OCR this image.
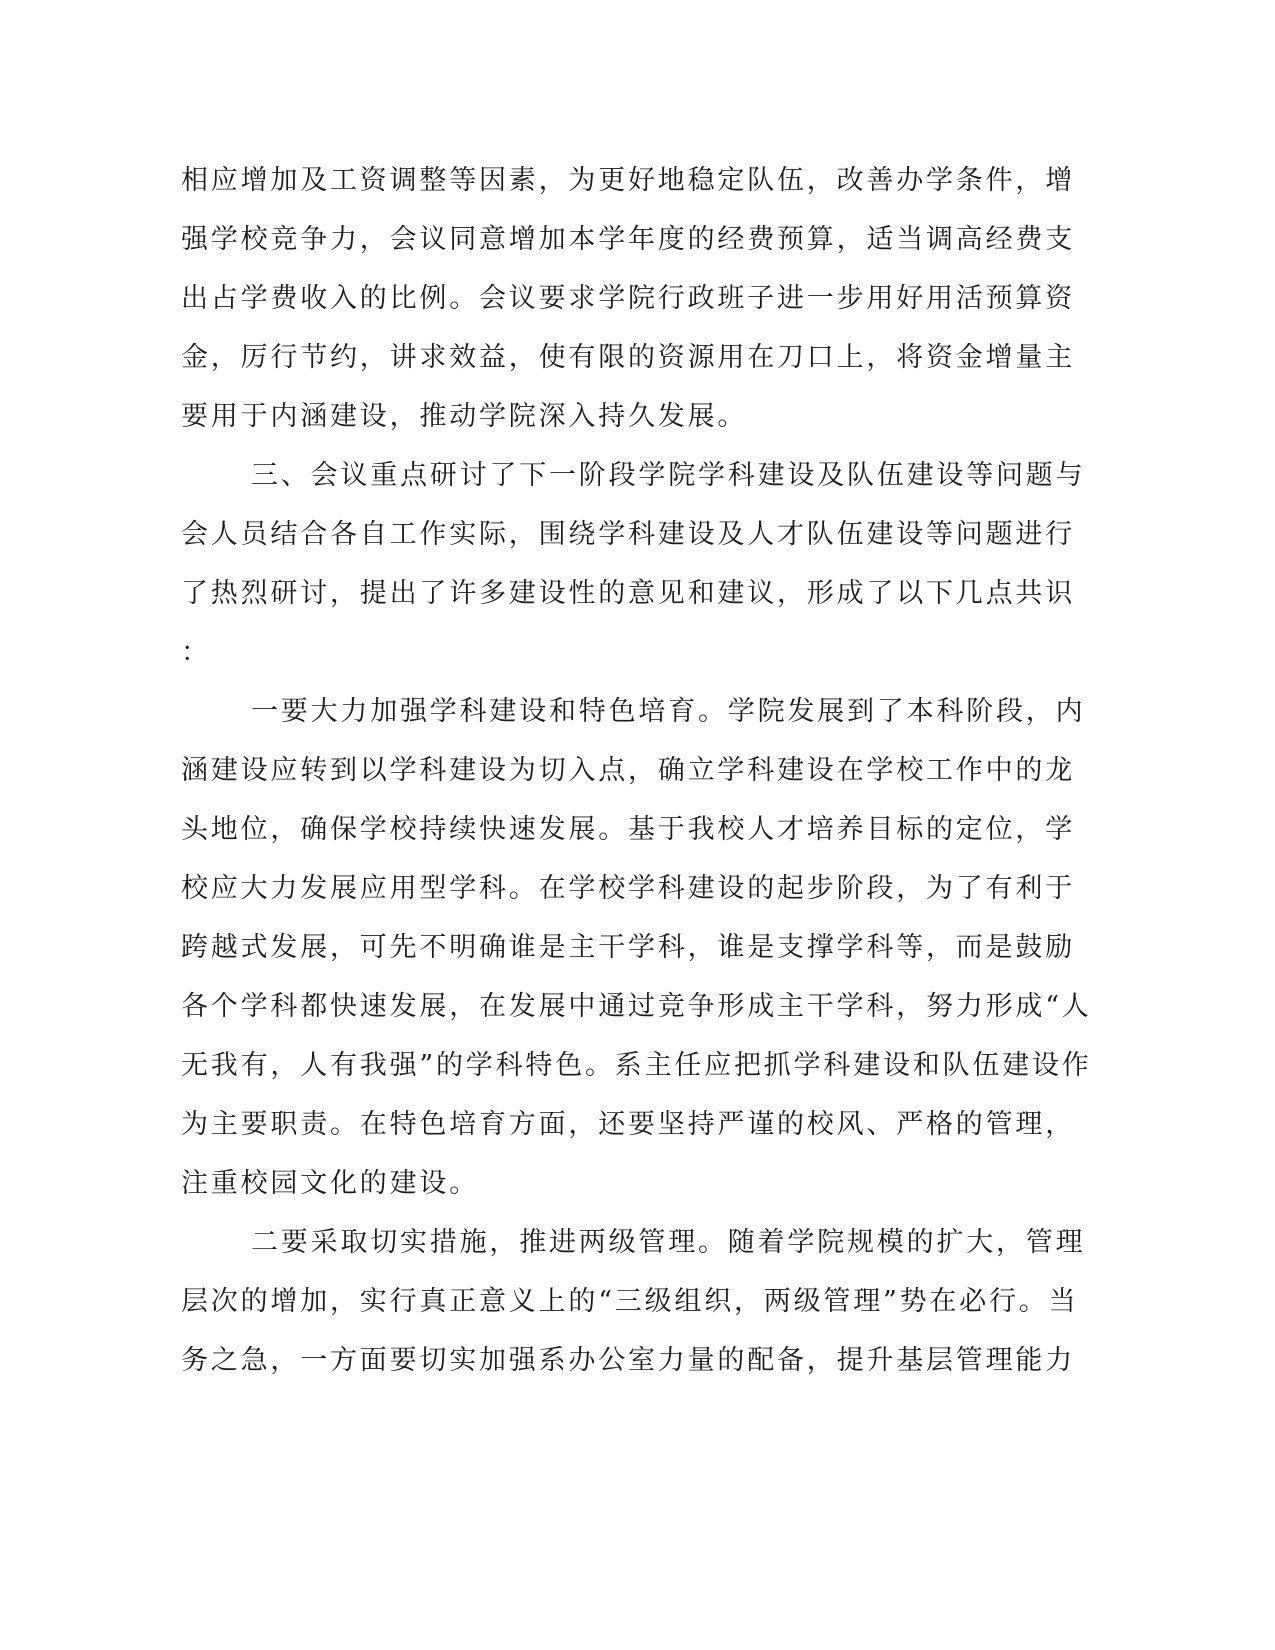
相应增加及工资调整等因素，为更好地稳定队伍，改善办学条件，增
强学校竞争力，会议同意增加本学年度的经费预算，适当调高经费支
出占学费收入的比例。会议要求学院行政班子进一步用好用活预算资
金，厉行节约，讲求效益，使有限的资源用在刀口上，将资金增量主
要用于内涵建设，推动学院深入持久发展。
三、会议重点研讨了下一阶段学院学科建设及队伍建设等问题与
会人员结合各自工作实际，围绕学科建设及人才队伍建设等问题进行
了热烈研讨，提出了许多建设性的意见和建议，形成了以下几点共识
：
一要大力加强学科建设和特色培育。学院发展到了本科阶段，内
涵建设应转到以学科建设为切入点，确立学科建设在学校工作中的龙
头地位，确保学校持续快速发展。基于我校人才培养目标的定位，学
校应大力发展应用型学科。在学校学科建设的起步阶段，为了有利于
跨越式发展，可先不明确谁是主干学科，谁是支撑学科等，而是鼓励
各个学科都快速发展，在发展中通过竞争形成主干学科，努力形成“人
无我有，人有我强”的学科特色。系主任应把抓学科建设和队伍建设作
为主要职责。在特色培育方面，还要坚持严谨的校风、严格的管理，
注重校园文化的建设。
二要采取切实措施，推进两级管理。随着学院规模的扩大，管理
层次的增加，实行真正意义上的“三级组织，两级管理”势在必行。当
务之急，一方面要切实加强系办公室力量的配备，提升基层管理能力
